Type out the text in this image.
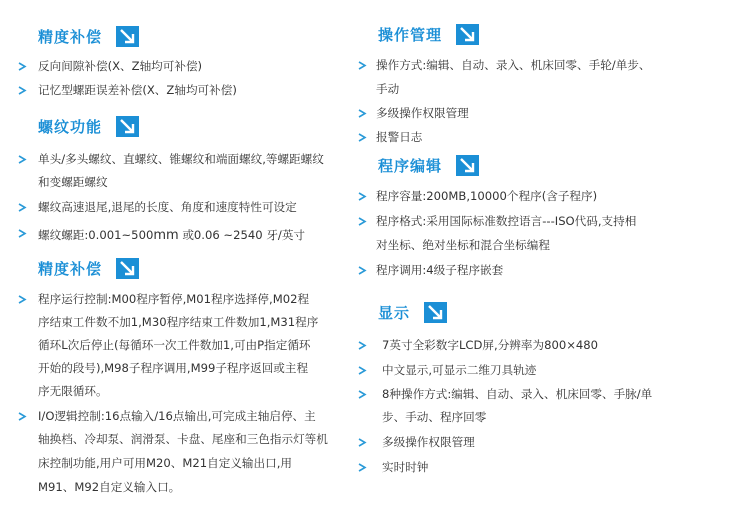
精度补偿
反向间隙补偿(X、Z轴均可补偿)
记忆型螺距误差补偿(X、Z轴均可补偿)
螺纹功能
单头/多头螺纹、直螺纹、锥螺纹和端面螺纹,等螺距螺纹
和变螺距螺纹
螺纹高速退尾,退尾的长度、角度和速度特性可设定
螺纹螺距:0.001~500mm 或0.06 ~2540 牙/英寸
精度补偿
程序运行控制:M00程序暂停,M01程序选择停,M02程
序结束工件数不加1,M30程序结束工件数加1,M31程序
循环L次后停止(每循环一次工件数加1,可由P指定循环
开始的段号),M98子程序调用,M99子程序返回或主程
序无限循环。
I/O逻辑控制:16点输入/16点输出,可完成主轴启停、主
轴换档、冷却泵、润滑泵、卡盘、尾座和三色指示灯等机
床控制功能,用户可用M20、M21自定义输出口,用
M91、M92自定义输入口。
操作管理
操作方式:编辑、自动、录入、机床回零、手轮/单步、
手动
多级操作权限管理
报警日志
程序编辑
程序容量:200MB,10000个程序(含子程序)
程序格式:采用国际标准数控语言---ISO代码,支持相
对坐标、绝对坐标和混合坐标编程
程序调用:4级子程序嵌套
显示
7英寸全彩数字LCD屏,分辨率为800×480
中文显示,可显示二维刀具轨迹
8种操作方式:编辑、自动、录入、机床回零、手脉/单
步、手动、程序回零
多级操作权限管理
实时时钟
